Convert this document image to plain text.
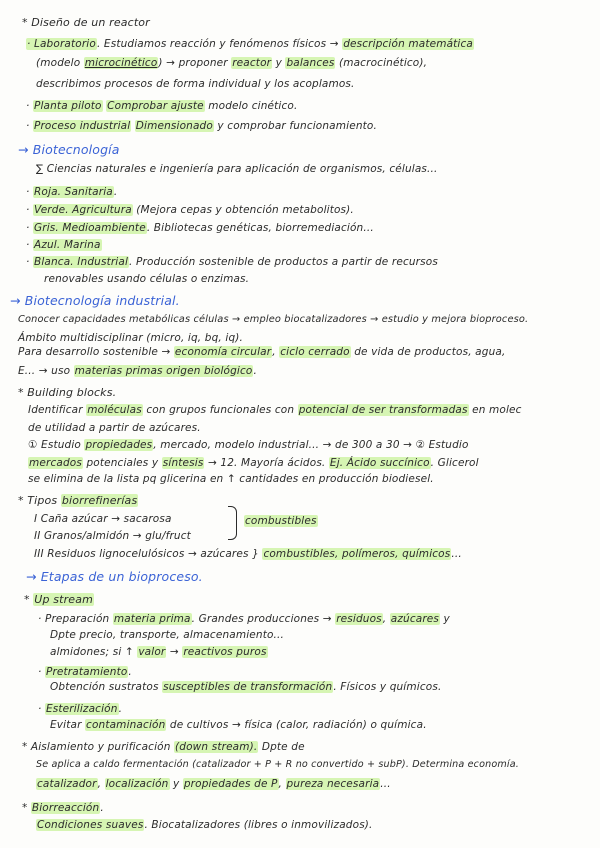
* Diseño de un reactor
· Laboratorio. Estudiamos reacción y fenómenos físicos → descripción matemática
(modelo microcinético) → proponer reactor y balances (macrocinético),
describimos procesos de forma individual y los acoplamos.
· Planta piloto Comprobar ajuste modelo cinético.
· Proceso industrial Dimensionado y comprobar funcionamiento.
→ Biotecnología
∑ Ciencias naturales e ingeniería para aplicación de organismos, células...
· Roja. Sanitaria.
· Verde. Agricultura (Mejora cepas y obtención metabolitos).
· Gris. Medioambiente. Bibliotecas genéticas, biorremediación...
· Azul. Marina
· Blanca. Industrial. Producción sostenible de productos a partir de recursos
renovables usando células o enzimas.
→ Biotecnología industrial.
Conocer capacidades metabólicas células → empleo biocatalizadores → estudio y mejora bioproceso.
Ámbito multidisciplinar (micro, iq, bq, iq).
Para desarrollo sostenible → economía circular, ciclo cerrado de vida de productos, agua,
E... → uso materias primas origen biológico.
* Building blocks.
Identificar moléculas con grupos funcionales con potencial de ser transformadas en molec
de utilidad a partir de azúcares.
① Estudio propiedades, mercado, modelo industrial... → de 300 a 30 → ② Estudio
mercados potenciales y síntesis → 12. Mayoría ácidos. Ej. Ácido succínico. Glicerol
se elimina de la lista pq glicerina en ↑ cantidades en producción biodiesel.
* Tipos biorrefinerías
I Caña azúcar → sacarosa	combustibles
II Granos/almidón → glu/fruct
III Residuos lignocelulósicos → azúcares } combustibles, polímeros, químicos...
→ Etapas de un bioproceso.
* Up stream
· Preparación materia prima. Grandes producciones → residuos, azúcares y
Dpte precio, transporte, almacenamiento...
almidones; si ↑ valor → reactivos puros
· Pretratamiento.
Obtención sustratos susceptibles de transformación. Físicos y químicos.
· Esterilización.
Evitar contaminación de cultivos → física (calor, radiación) o química.
* Aislamiento y purificación (down stream). Dpte de
Se aplica a caldo fermentación (catalizador + P + R no convertido + subP). Determina economía.
catalizador, localización y propiedades de P, pureza necesaria...
* Biorreacción.
Condiciones suaves. Biocatalizadores (libres o inmovilizados).
